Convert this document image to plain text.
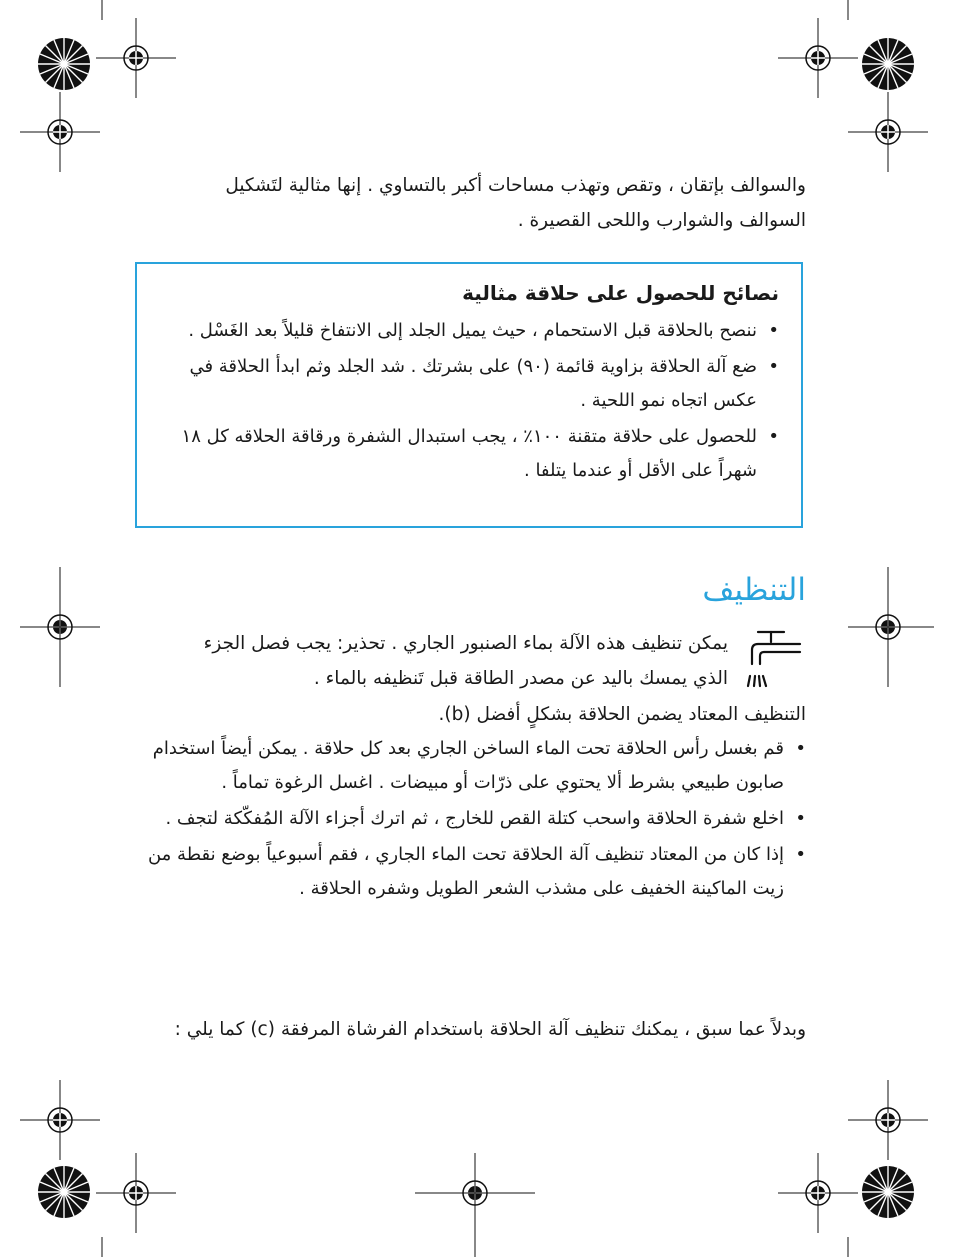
والسوالف بإتقان ، وتقص وتهذب مساحات أكبر بالتساوي . إنها مثالية لتَشكيل

السوالف والشوارب واللحى القصيرة .

نصائح للحصول على حلاقة مثالية
•
ننصح بالحلاقة قبل الاستحمام ، حيث يميل الجلد إلى الانتفاخ قليلاً بعد الغَسْل .
•
ضع آلة الحلاقة بزاوية قائمة (٩٠) على بشرتك . شد الجلد وثم ابدأ الحلاقة في عكس اتجاه نمو اللحية .
•
للحصول على حلاقة متقنة ١٠٠٪ ، يجب استبدال الشفرة ورقاقة الحلاقه كل ١٨ شهراً على الأقل أو عندما يتلفا .
التنظيف

يمكن تنظيف هذه الآلة بماء الصنبور الجاري . تحذير: يجب فصل الجزء

الذي يمسك باليد عن مصدر الطاقة قبل تَنظيفه بالماء .

التنظيف المعتاد يضمن الحلاقة بشكلٍ أفضل (b).

•
قم بغسل رأس الحلاقة تحت الماء الساخن الجاري بعد كل حلاقة . يمكن أيضاً استخدام صابون طبيعي بشرط ألا يحتوي على ذرّات أو مبيضات . اغسل الرغوة تماماً .
•
اخلع شفرة الحلاقة واسحب كتلة القص للخارج ، ثم اترك أجزاء الآلة المُفكّكة لتجف .
•
إذا كان من المعتاد تنظيف آلة الحلاقة تحت الماء الجاري ، فقم أسبوعياً بوضع نقطة من زيت الماكينة الخفيف على مشذب الشعر الطويل وشفره الحلاقة .

وبدلاً عما سبق ، يمكنك تنظيف آلة الحلاقة باستخدام الفرشاة المرفقة (c) كما يلي :
